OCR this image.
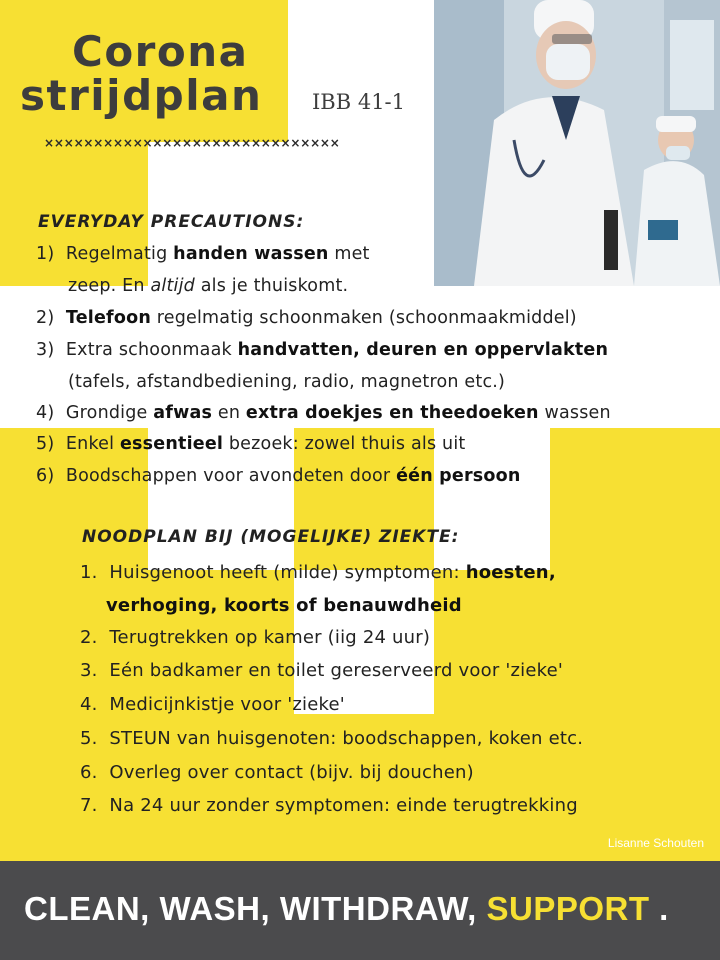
Corona
strijdplan IBB 41-1
××××××××××××××××××××××××××××××
EVERYDAY PRECAUTIONS:
1) Regelmatig handen wassen met
zeep. En altijd als je thuiskomt.
2) Telefoon regelmatig schoonmaken (schoonmaakmiddel)
3) Extra schoonmaak handvatten, deuren en oppervlakten
(tafels, afstandbediening, radio, magnetron etc.)
4) Grondige afwas en extra doekjes en theedoeken wassen
5) Enkel essentieel bezoek: zowel thuis als uit
6) Boodschappen voor avondeten door één persoon
NOODPLAN BIJ (MOGELIJKE) ZIEKTE:
1. Huisgenoot heeft (milde) symptomen: hoesten,
verhoging, koorts of benauwdheid
2. Terugtrekken op kamer (iig 24 uur)
3. Eén badkamer en toilet gereserveerd voor 'zieke'
4. Medicijnkistje voor 'zieke'
5. STEUN van huisgenoten: boodschappen, koken etc.
6. Overleg over contact (bijv. bij douchen)
7. Na 24 uur zonder symptomen: einde terugtrekking
Lisanne Schouten
CLEAN, WASH, WITHDRAW, SUPPORT .
